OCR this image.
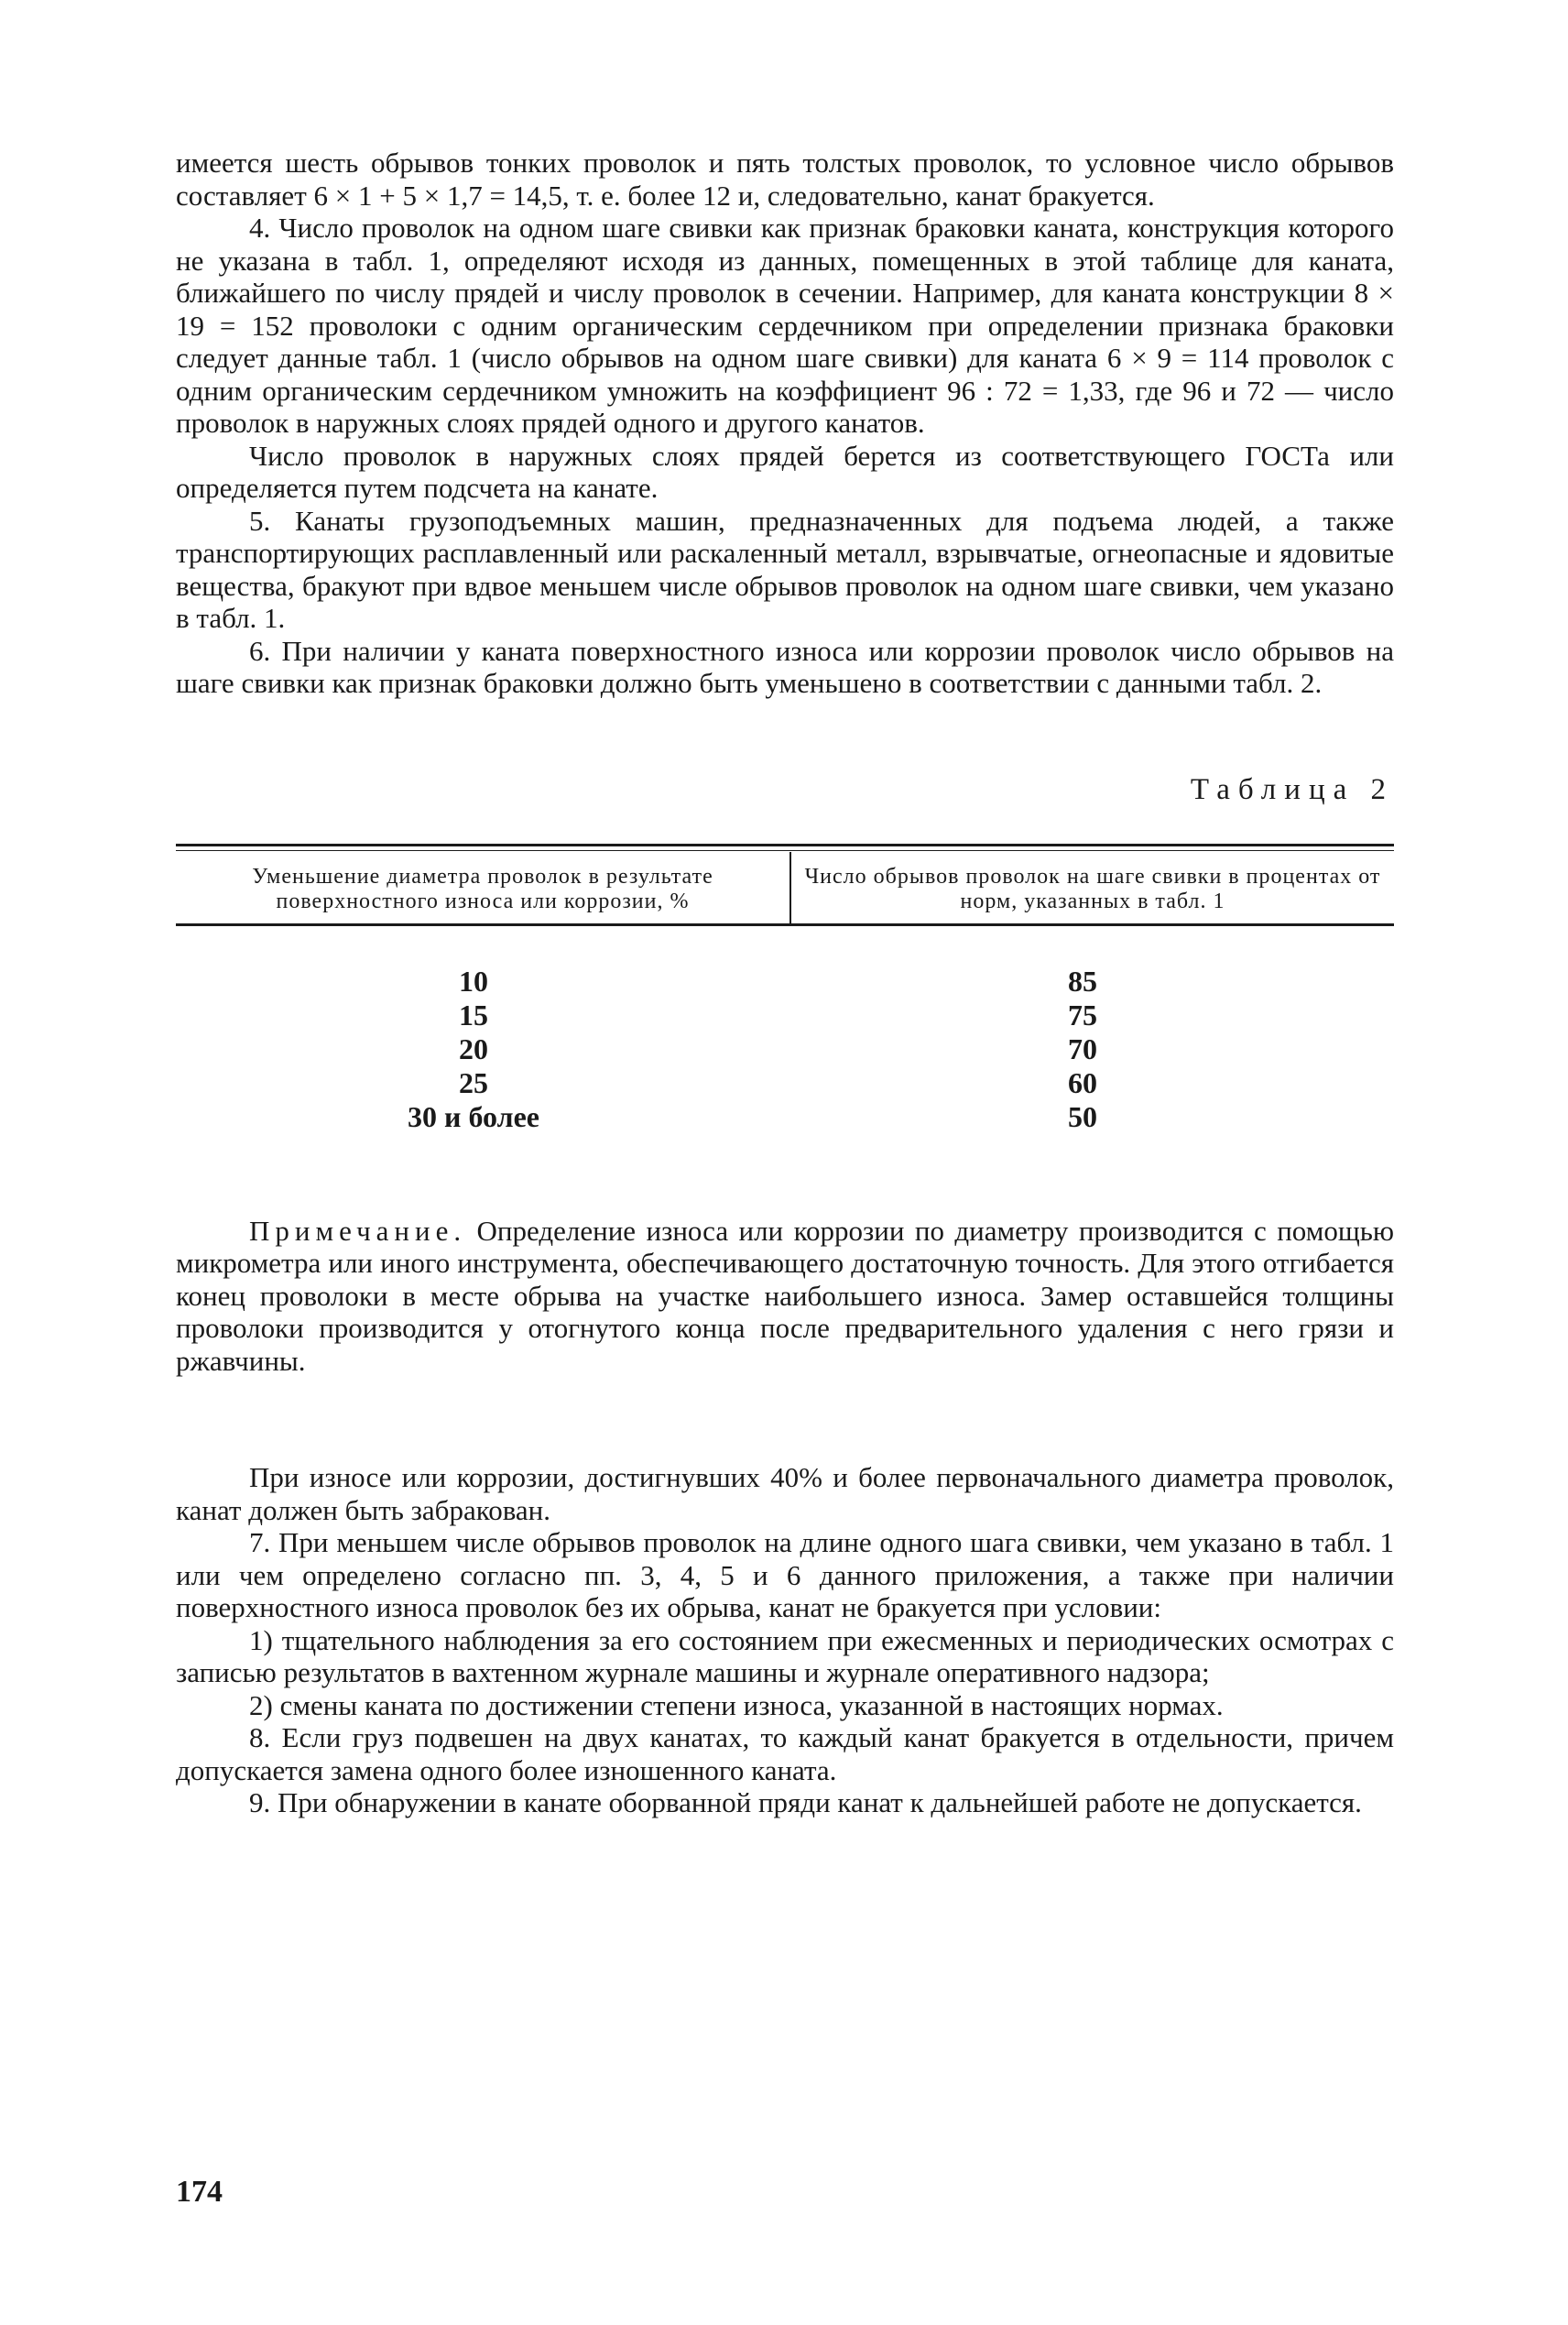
имеется шесть обрывов тонких проволок и пять толстых проволок, то условное число обрывов составляет 6 × 1 + 5 × 1,7 = 14,5, т. е. более 12 и, следовательно, канат бракуется.

4. Число проволок на одном шаге свивки как признак браковки каната, конструкция которого не указана в табл. 1, определяют исходя из данных, помещенных в этой таблице для каната, ближайшего по числу прядей и числу проволок в сечении. Например, для каната конструкции 8 × 19 = 152 проволоки с одним органическим сердечником при определении признака браковки следует данные табл. 1 (число обрывов на одном шаге свивки) для каната 6 × 9 = 114 проволок с одним органическим сердечником умножить на коэффициент 96 : 72 = 1,33, где 96 и 72 — число проволок в наружных слоях прядей одного и другого канатов.

Число проволок в наружных слоях прядей берется из соответствующего ГОСТа или определяется путем подсчета на канате.

5. Канаты грузоподъемных машин, предназначенных для подъема людей, а также транспортирующих расплавленный или раскаленный металл, взрывчатые, огнеопасные и ядовитые вещества, бракуют при вдвое меньшем числе обрывов проволок на одном шаге свивки, чем указано в табл. 1.

6. При наличии у каната поверхностного износа или коррозии проволок число обрывов на шаге свивки как признак браковки должно быть уменьшено в соответствии с данными табл. 2.

Таблица 2
Уменьшение диаметра проволок в результате поверхностного износа или коррозии, %
Число обрывов проволок на шаге свивки в процентах от норм, указанных в табл. 1
10
15
20
25
30 и более
85
75
70
60
50

Примечание. Определение износа или коррозии по диаметру производится с помощью микрометра или иного инструмента, обеспечивающего достаточную точность. Для этого отгибается конец проволоки в месте обрыва на участке наибольшего износа. Замер оставшейся толщины проволоки производится у отогнутого конца после предварительного удаления с него грязи и ржавчины.

При износе или коррозии, достигнувших 40% и более первоначального диаметра проволок, канат должен быть забракован.

7. При меньшем числе обрывов проволок на длине одного шага свивки, чем указано в табл. 1 или чем определено согласно пп. 3, 4, 5 и 6 данного приложения, а также при наличии поверхностного износа проволок без их обрыва, канат не бракуется при условии:

1) тщательного наблюдения за его состоянием при ежесменных и периодических осмотрах с записью результатов в вахтенном журнале машины и журнале оперативного надзора;

2) смены каната по достижении степени износа, указанной в настоящих нормах.

8. Если груз подвешен на двух канатах, то каждый канат бракуется в отдельности, причем допускается замена одного более изношенного каната.

9. При обнаружении в канате оборванной пряди канат к дальнейшей работе не допускается.

174
